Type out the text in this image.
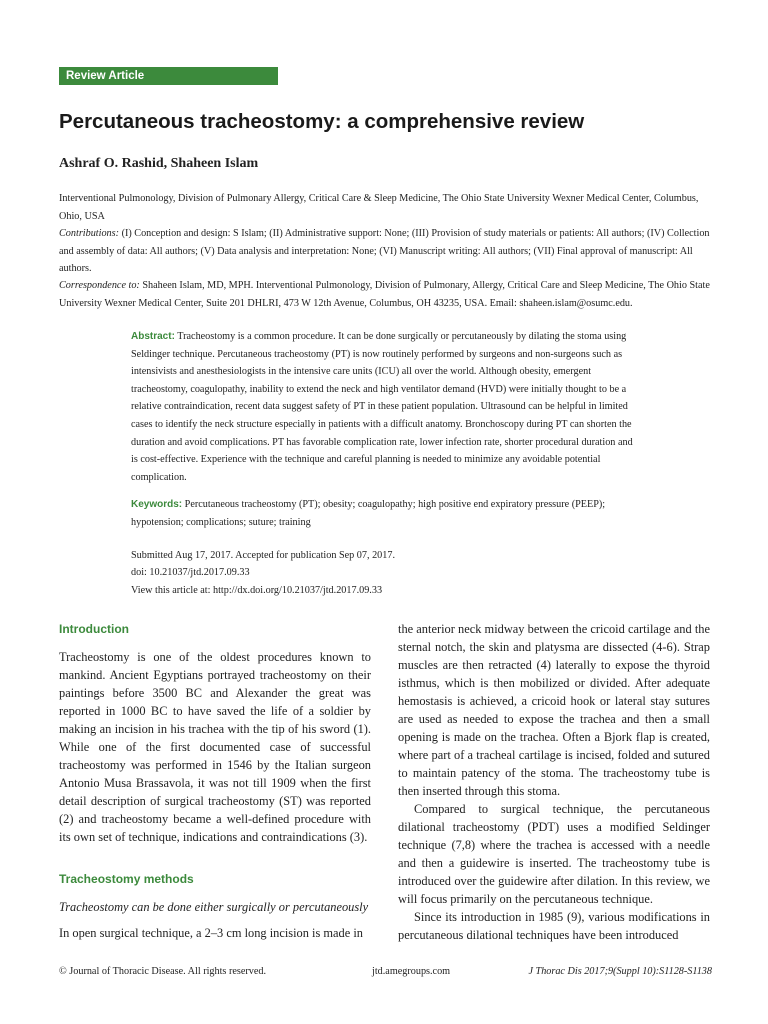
Review Article
Percutaneous tracheostomy: a comprehensive review
Ashraf O. Rashid, Shaheen Islam
Interventional Pulmonology, Division of Pulmonary Allergy, Critical Care & Sleep Medicine, The Ohio State University Wexner Medical Center, Columbus, Ohio, USA
Contributions: (I) Conception and design: S Islam; (II) Administrative support: None; (III) Provision of study materials or patients: All authors; (IV) Collection and assembly of data: All authors; (V) Data analysis and interpretation: None; (VI) Manuscript writing: All authors; (VII) Final approval of manuscript: All authors.
Correspondence to: Shaheen Islam, MD, MPH. Interventional Pulmonology, Division of Pulmonary, Allergy, Critical Care and Sleep Medicine, The Ohio State University Wexner Medical Center, Suite 201 DHLRI, 473 W 12th Avenue, Columbus, OH 43235, USA. Email: shaheen.islam@osumc.edu.

Abstract: Tracheostomy is a common procedure. It can be done surgically or percutaneously by dilating the stoma using Seldinger technique. Percutaneous tracheostomy (PT) is now routinely performed by surgeons and non-surgeons such as intensivists and anesthesiologists in the intensive care units (ICU) all over the world. Although obesity, emergent tracheostomy, coagulopathy, inability to extend the neck and high ventilator demand (HVD) were initially thought to be a relative contraindication, recent data suggest safety of PT in these patient population. Ultrasound can be helpful in limited cases to identify the neck structure especially in patients with a difficult anatomy. Bronchoscopy during PT can shorten the duration and avoid complications. PT has favorable complication rate, lower infection rate, shorter procedural duration and is cost-effective. Experience with the technique and careful planning is needed to minimize any avoidable potential complication.

Keywords: Percutaneous tracheostomy (PT); obesity; coagulopathy; high positive end expiratory pressure (PEEP); hypotension; complications; suture; training

Submitted Aug 17, 2017. Accepted for publication Sep 07, 2017.

doi: 10.21037/jtd.2017.09.33

View this article at: http://dx.doi.org/10.21037/jtd.2017.09.33

Introduction

Tracheostomy is one of the oldest procedures known to mankind. Ancient Egyptians portrayed tracheostomy on their paintings before 3500 BC and Alexander the great was reported in 1000 BC to have saved the life of a soldier by making an incision in his trachea with the tip of his sword (1). While one of the first documented case of successful tracheostomy was performed in 1546 by the Italian surgeon Antonio Musa Brassavola, it was not till 1909 when the first detail description of surgical tracheostomy (ST) was reported (2) and tracheostomy became a well-defined procedure with its own set of technique, indications and contraindications (3).

Tracheostomy methods

Tracheostomy can be done either surgically or percutaneously

In open surgical technique, a 2–3 cm long incision is made in

the anterior neck midway between the cricoid cartilage and the sternal notch, the skin and platysma are dissected (4-6). Strap muscles are then retracted (4) laterally to expose the thyroid isthmus, which is then mobilized or divided. After adequate hemostasis is achieved, a cricoid hook or lateral stay sutures are used as needed to expose the trachea and then a small opening is made on the trachea. Often a Bjork flap is created, where part of a tracheal cartilage is incised, folded and sutured to maintain patency of the stoma. The tracheostomy tube is then inserted through this stoma.

Compared to surgical technique, the percutaneous dilational tracheostomy (PDT) uses a modified Seldinger technique (7,8) where the trachea is accessed with a needle and then a guidewire is inserted. The tracheostomy tube is introduced over the guidewire after dilation. In this review, we will focus primarily on the percutaneous technique.

Since its introduction in 1985 (9), various modifications in percutaneous dilational techniques have been introduced

© Journal of Thoracic Disease. All rights reserved.	jtd.amegroups.com	J Thorac Dis 2017;9(Suppl 10):S1128-S1138
